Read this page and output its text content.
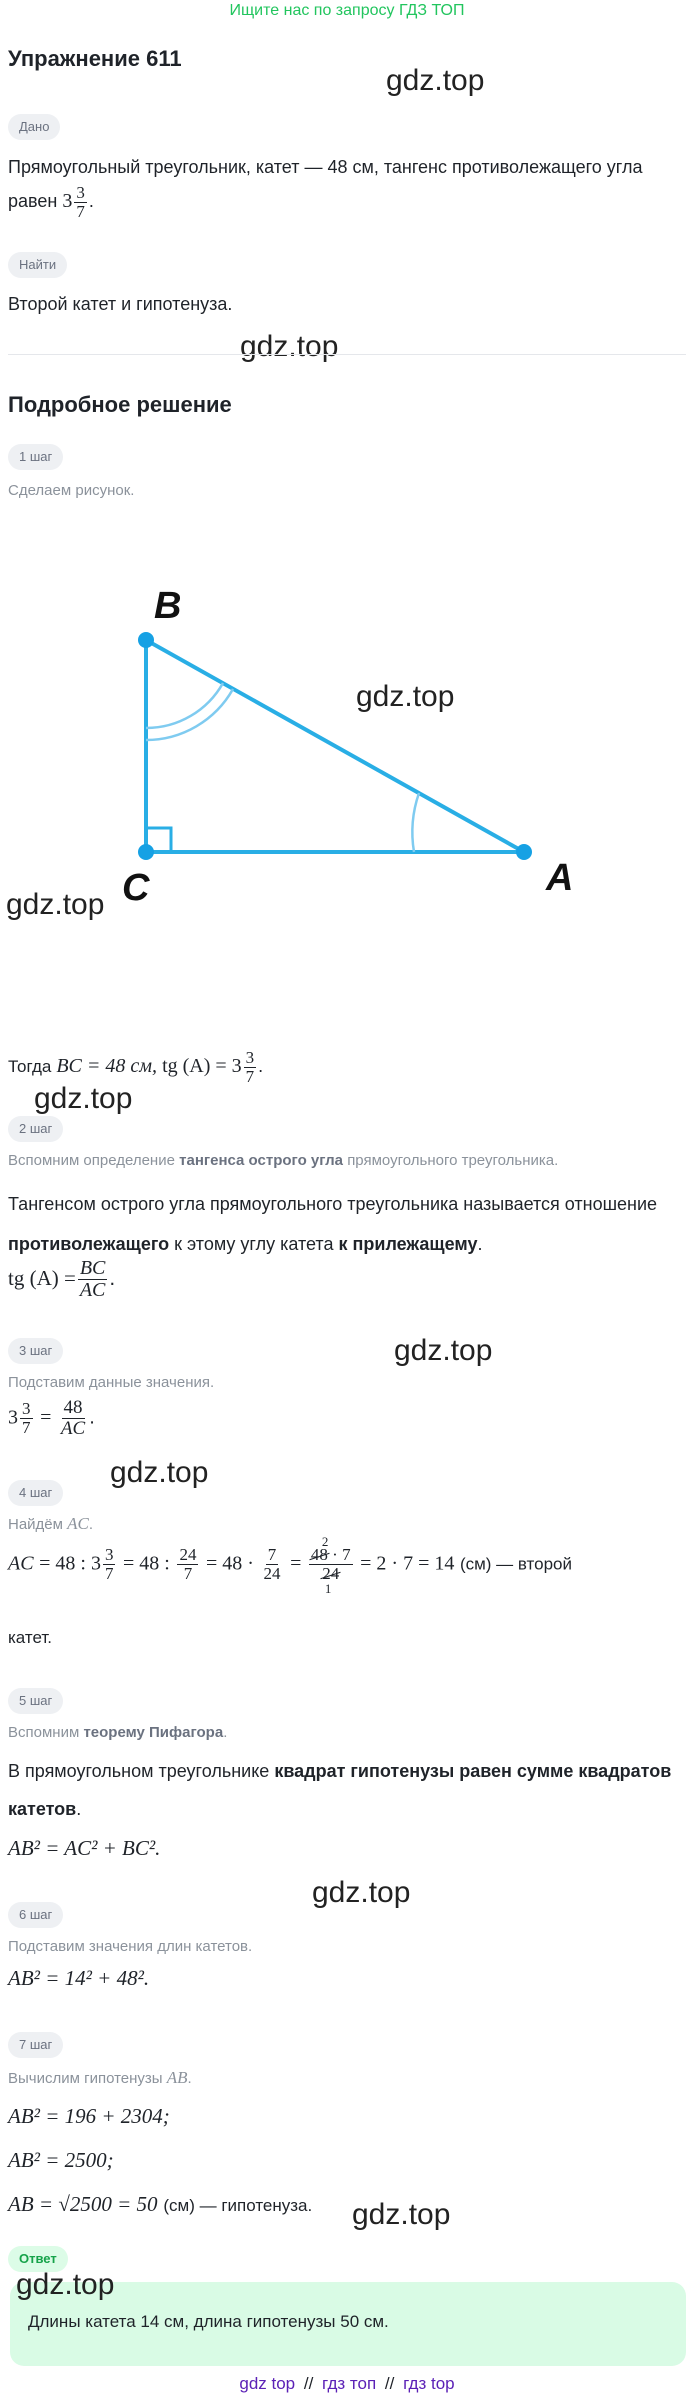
Ищите нас по запросу ГДЗ ТОП
Упражнение 611
gdz.top
gdz.top
gdz.top
gdz.top
gdz.top
gdz.top
gdz.top
gdz.top
gdz.top
gdz.top
Дано
Прямоугольный треугольник, катет — 48 см, тангенс противолежащего угла равен $3 \frac{3}{7}$ .
Найти
Второй катет и гипотенуза.
Подробное решение
1 шаг
Сделаем рисунок.
B
C	A
Тогда BC = 48 см, tg $(A) = 3 \frac{3}{7}$ .
2 шаг
Вспомним определение тангенса острого угла прямоугольного треугольника.
Тангенсом острого угла прямоугольного треугольника называется отношение противолежащего к этому углу катета к прилежащему.
tg $(A) = \frac{BC}{AC}$ .
3 шаг
Подставим данные значения.
$3 \frac{3}{7} = \frac{48}{AC}$ .
4 шаг
Найдём AC.
AC = 48 : $3 \frac{3}{7} = 48$ : $\frac{24}{7} = 48 \cdot \frac{7}{24}$ =
2
$\frac{48 \cdot 7}{24}$
1
= 2 · 7 = 14 (см) — второй
катет.
5 шаг
Вспомним теорему Пифагора.
В прямоугольном треугольнике квадрат гипотенузы равен сумме квадратов катетов.
AB² = AC² + BC².
6 шаг
Подставим значения длин катетов.
AB² = 14² + 48².
7 шаг
Вычислим гипотенузы AB.
AB² = 196 + 2304;
AB² = 2500;
AB = √2500 = 50 (см) — гипотенуза.
Ответ
Длины катета 14 см, длина гипотенузы 50 см.
gdz top // гдз топ // гдз top
